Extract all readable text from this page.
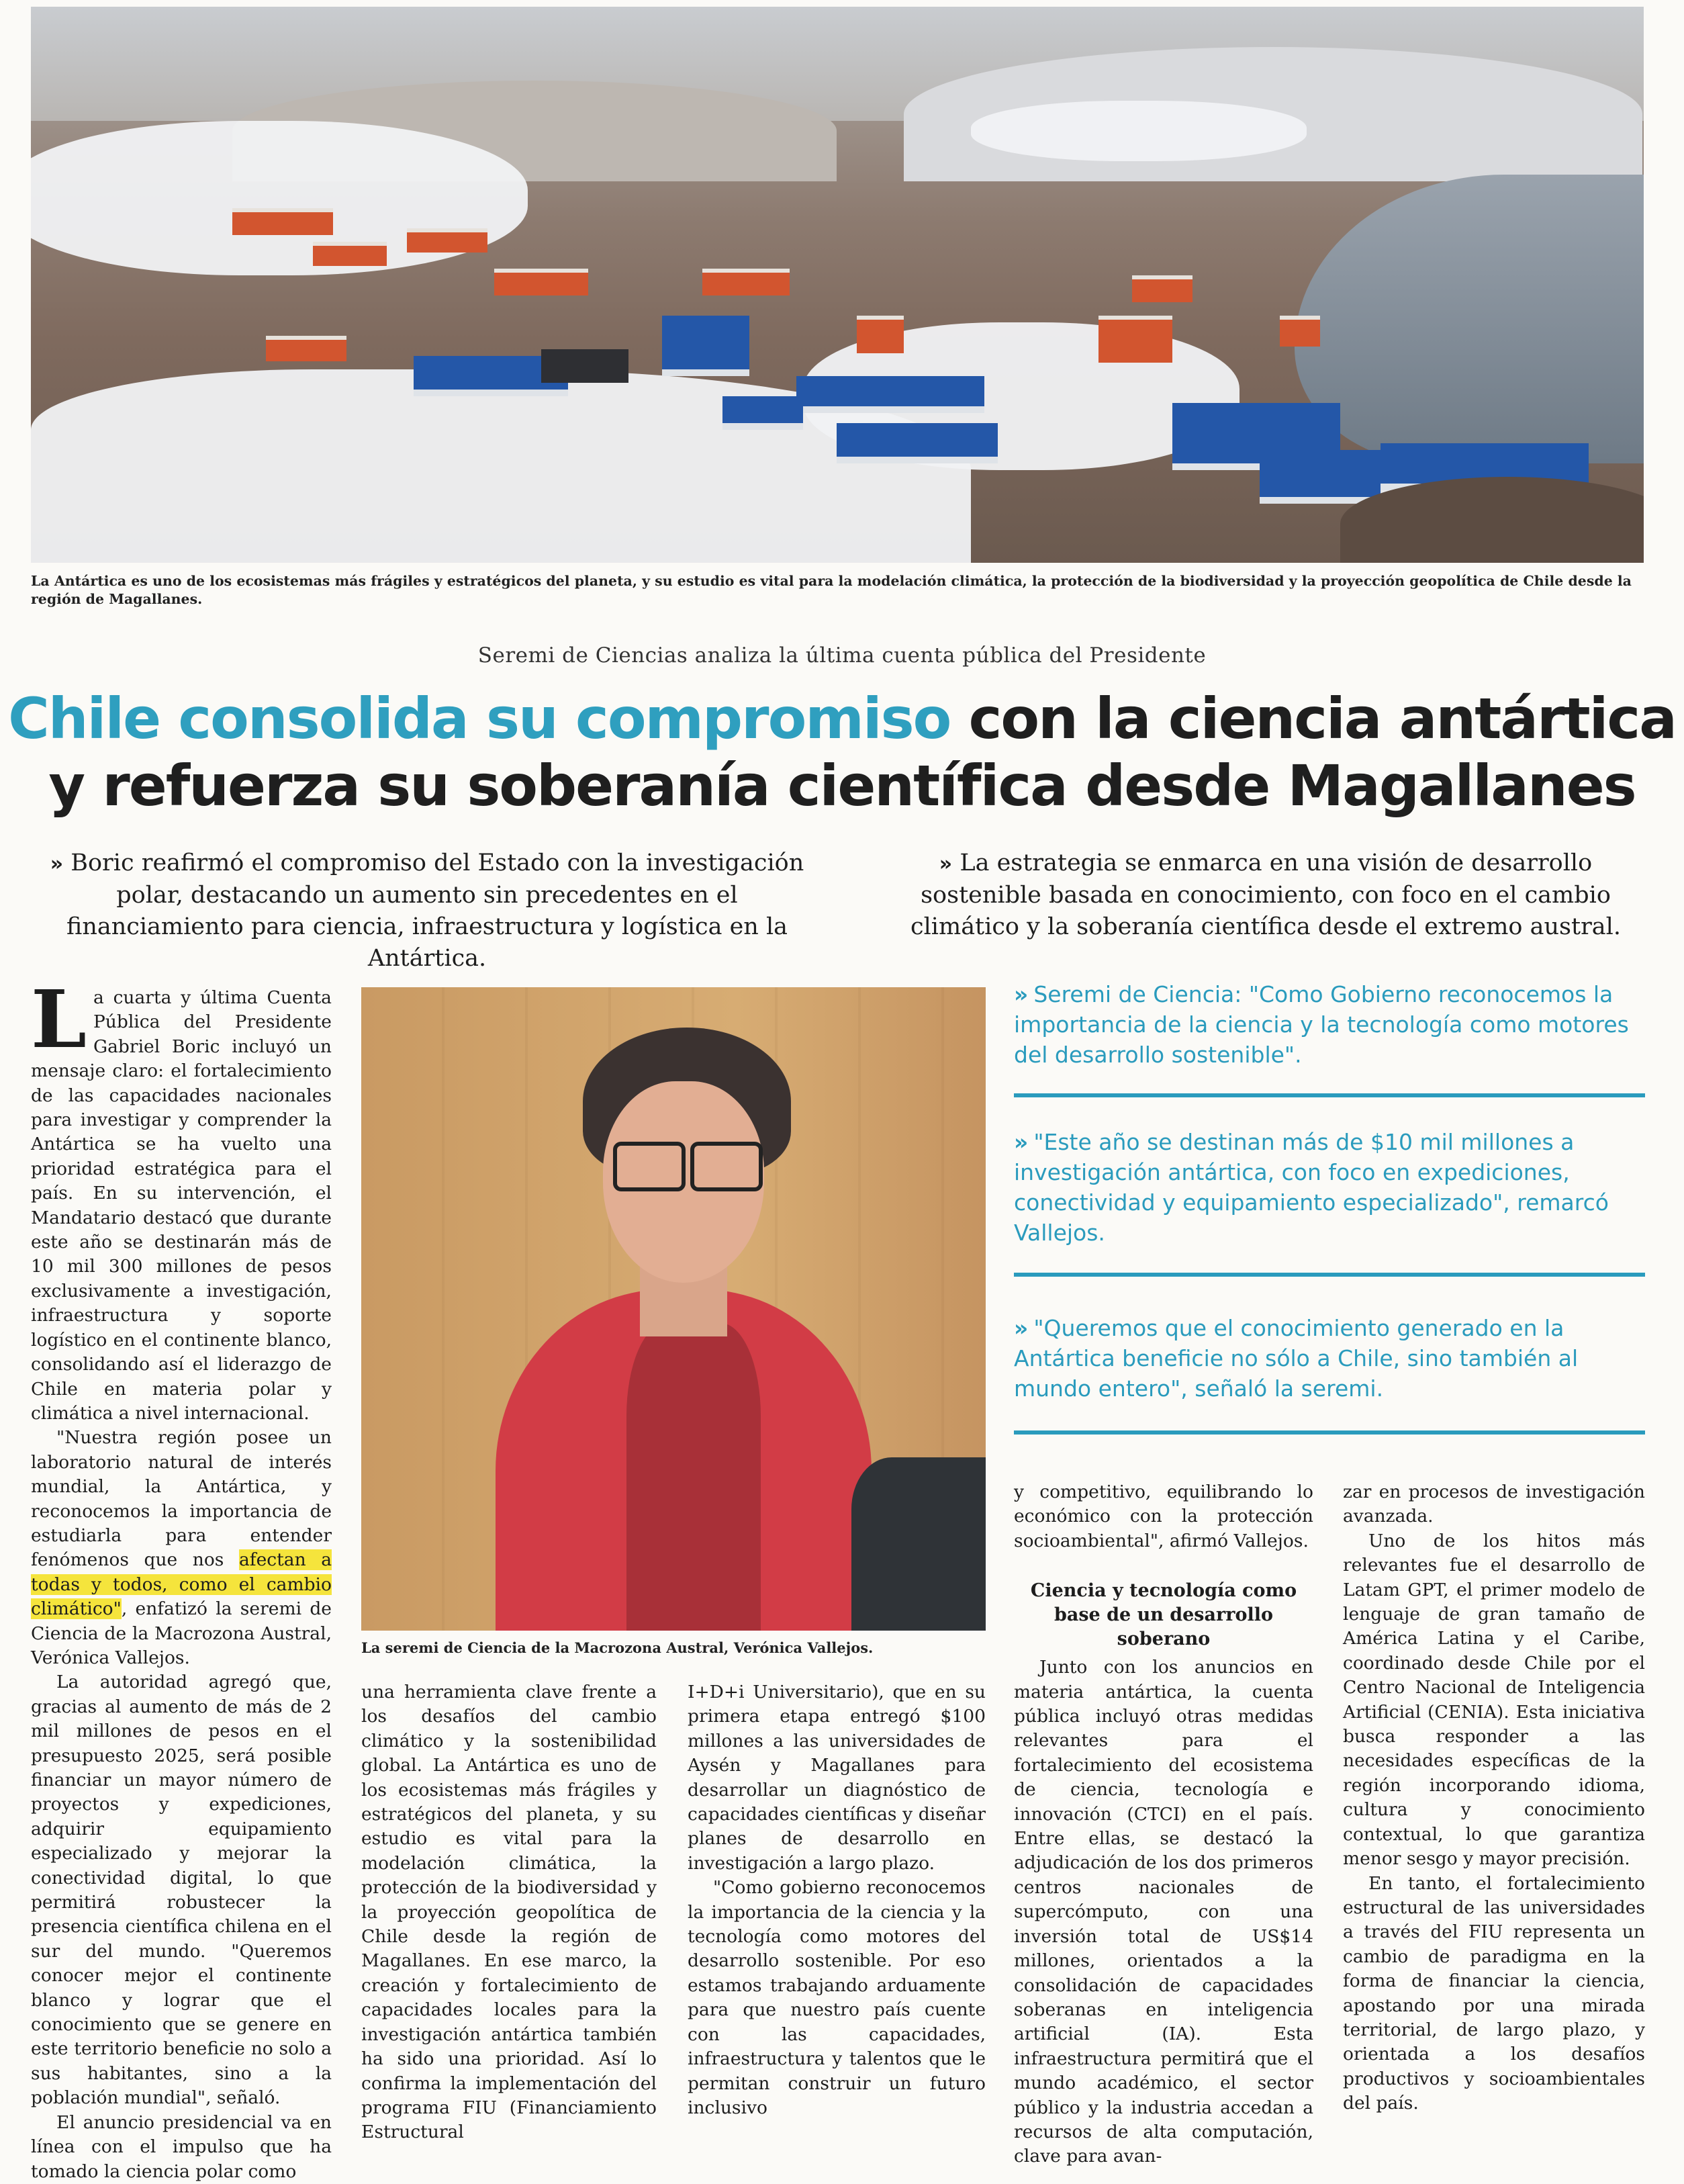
La Antártica es uno de los ecosistemas más frágiles y estratégicos del planeta, y su estudio es vital para la modelación climática, la protección de la biodiversidad y la proyección geopolítica de Chile desde la región de Magallanes.
Seremi de Ciencias analiza la última cuenta pública del Presidente
Chile consolida su compromiso con la ciencia antártica
y refuerza su soberanía científica desde Magallanes
» Boric reafirmó el compromiso del Estado con la investigación polar, destacando un aumento sin precedentes en el financiamiento para ciencia, infraestructura y logística en la Antártica.
» La estrategia se enmarca en una visión de desarrollo sostenible basada en conocimiento, con foco en el cambio climático y la soberanía científica desde el extremo austral.

La cuarta y última Cuenta Pública del Presidente Gabriel Boric incluyó un mensaje claro: el fortalecimiento de las capacidades nacionales para investigar y comprender la Antártica se ha vuelto una prioridad estratégica para el país. En su intervención, el Mandatario destacó que durante este año se destinarán más de 10 mil 300 millones de pesos exclusivamente a investigación, infraestructura y soporte logístico en el continente blanco, consolidando así el liderazgo de Chile en materia polar y climática a nivel internacional.

"Nuestra región posee un laboratorio natural de interés mundial, la Antártica, y reconocemos la importancia de estudiarla para entender fenómenos que nos afectan a todas y todos, como el cambio climático", enfatizó la seremi de Ciencia de la Macrozona Austral, Verónica Vallejos.

La autoridad agregó que, gracias al aumento de más de 2 mil millones de pesos en el presupuesto 2025, será posible financiar un mayor número de proyectos y expediciones, adquirir equipamiento especializado y mejorar la conectividad digital, lo que permitirá robustecer la presencia científica chilena en el sur del mundo. "Queremos conocer mejor el continente blanco y lograr que el conocimiento que se genere en este territorio beneficie no solo a sus habitantes, sino a la población mundial", señaló.

El anuncio presidencial va en línea con el impulso que ha tomado la ciencia polar como

La seremi de Ciencia de la Macrozona Austral, Verónica Vallejos.
» Seremi de Ciencia: "Como Gobierno reconocemos la importancia de la ciencia y la tecnología como motores del desarrollo sostenible".
» "Este año se destinan más de $10 mil millones a investigación antártica, con foco en expediciones, conectividad y equipamiento especializado", remarcó Vallejos.
» "Queremos que el conocimiento generado en la Antártica beneficie no sólo a Chile, sino también al mundo entero", señaló la seremi.

una herramienta clave frente a los desafíos del cambio climático y la sostenibilidad global. La Antártica es uno de los ecosistemas más frágiles y estratégicos del planeta, y su estudio es vital para la modelación climática, la protección de la biodiversidad y la proyección geopolítica de Chile desde la región de Magallanes. En ese marco, la creación y fortalecimiento de capacidades locales para la investigación antártica también ha sido una prioridad. Así lo confirma la implementación del programa FIU (Financiamiento Estructural

I+D+i Universitario), que en su primera etapa entregó $100 millones a las universidades de Aysén y Magallanes para desarrollar un diagnóstico de capacidades científicas y diseñar planes de desarrollo en investigación a largo plazo.

"Como gobierno reconocemos la importancia de la ciencia y la tecnología como motores del desarrollo sostenible. Por eso estamos trabajando arduamente para que nuestro país cuente con las capacidades, infraestructura y talentos que le permitan construir un futuro inclusivo

y competitivo, equilibrando lo económico con la protección socioambiental", afirmó Vallejos.

Ciencia y tecnología como base de un desarrollo soberano

Junto con los anuncios en materia antártica, la cuenta pública incluyó otras medidas relevantes para el fortalecimiento del ecosistema de ciencia, tecnología e innovación (CTCI) en el país. Entre ellas, se destacó la adjudicación de los dos primeros centros nacionales de supercómputo, con una inversión total de US$14 millones, orientados a la consolidación de capacidades soberanas en inteligencia artificial (IA). Esta infraestructura permitirá que el mundo académico, el sector público y la industria accedan a recursos de alta computación, clave para avan-

zar en procesos de investigación avanzada.

Uno de los hitos más relevantes fue el desarrollo de Latam GPT, el primer modelo de lenguaje de gran tamaño de América Latina y el Caribe, coordinado desde Chile por el Centro Nacional de Inteligencia Artificial (CENIA). Esta iniciativa busca responder a las necesidades específicas de la región incorporando idioma, cultura y conocimiento contextual, lo que garantiza menor sesgo y mayor precisión.

En tanto, el fortalecimiento estructural de las universidades a través del FIU representa un cambio de paradigma en la forma de financiar la ciencia, apostando por una mirada territorial, de largo plazo, y orientada a los desafíos productivos y socioambientales del país.
